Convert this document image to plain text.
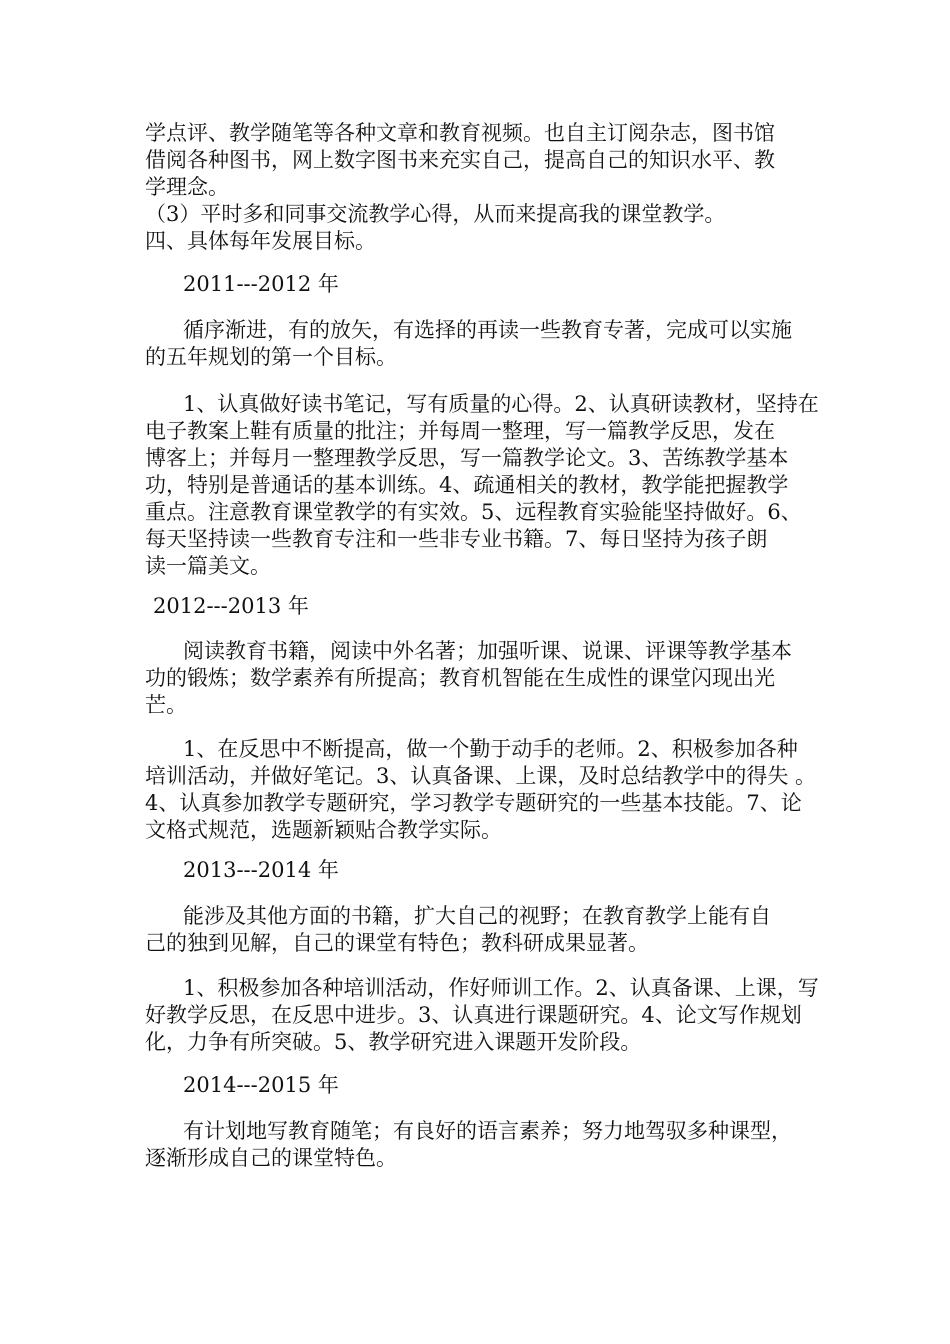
学点评、教学随笔等各种文章和教育视频。也自主订阅杂志，图书馆
借阅各种图书，网上数字图书来充实自己，提高自己的知识水平、教
学理念。
（3）平时多和同事交流教学心得，从而来提高我的课堂教学。
四、具体每年发展目标。
2011---2012 年
循序渐进，有的放矢，有选择的再读一些教育专著，完成可以实施
的五年规划的第一个目标。
1、认真做好读书笔记，写有质量的心得。2、认真研读教材，坚持在
电子教案上鞋有质量的批注；并每周一整理，写一篇教学反思，发在
博客上；并每月一整理教学反思，写一篇教学论文。3、苦练教学基本
功，特别是普通话的基本训练。4、疏通相关的教材，教学能把握教学
重点。注意教育课堂教学的有实效。5、远程教育实验能坚持做好。6、
每天坚持读一些教育专注和一些非专业书籍。7、每日坚持为孩子朗
读一篇美文。
2012---2013 年
阅读教育书籍，阅读中外名著；加强听课、说课、评课等教学基本
功的锻炼；数学素养有所提高；教育机智能在生成性的课堂闪现出光
芒。
1、在反思中不断提高，做一个勤于动手的老师。2、积极参加各种
培训活动，并做好笔记。3、认真备课、上课，及时总结教学中的得失 。
4、认真参加教学专题研究，学习教学专题研究的一些基本技能。7、论
文格式规范，选题新颖贴合教学实际。
2013---2014 年
能涉及其他方面的书籍，扩大自己的视野；在教育教学上能有自
己的独到见解，自己的课堂有特色；教科研成果显著。
1、积极参加各种培训活动，作好师训工作。2、认真备课、上课，写
好教学反思，在反思中进步。3、认真进行课题研究。4、论文写作规划
化，力争有所突破。5、教学研究进入课题开发阶段。
2014---2015 年
有计划地写教育随笔；有良好的语言素养；努力地驾驭多种课型，
逐渐形成自己的课堂特色。
